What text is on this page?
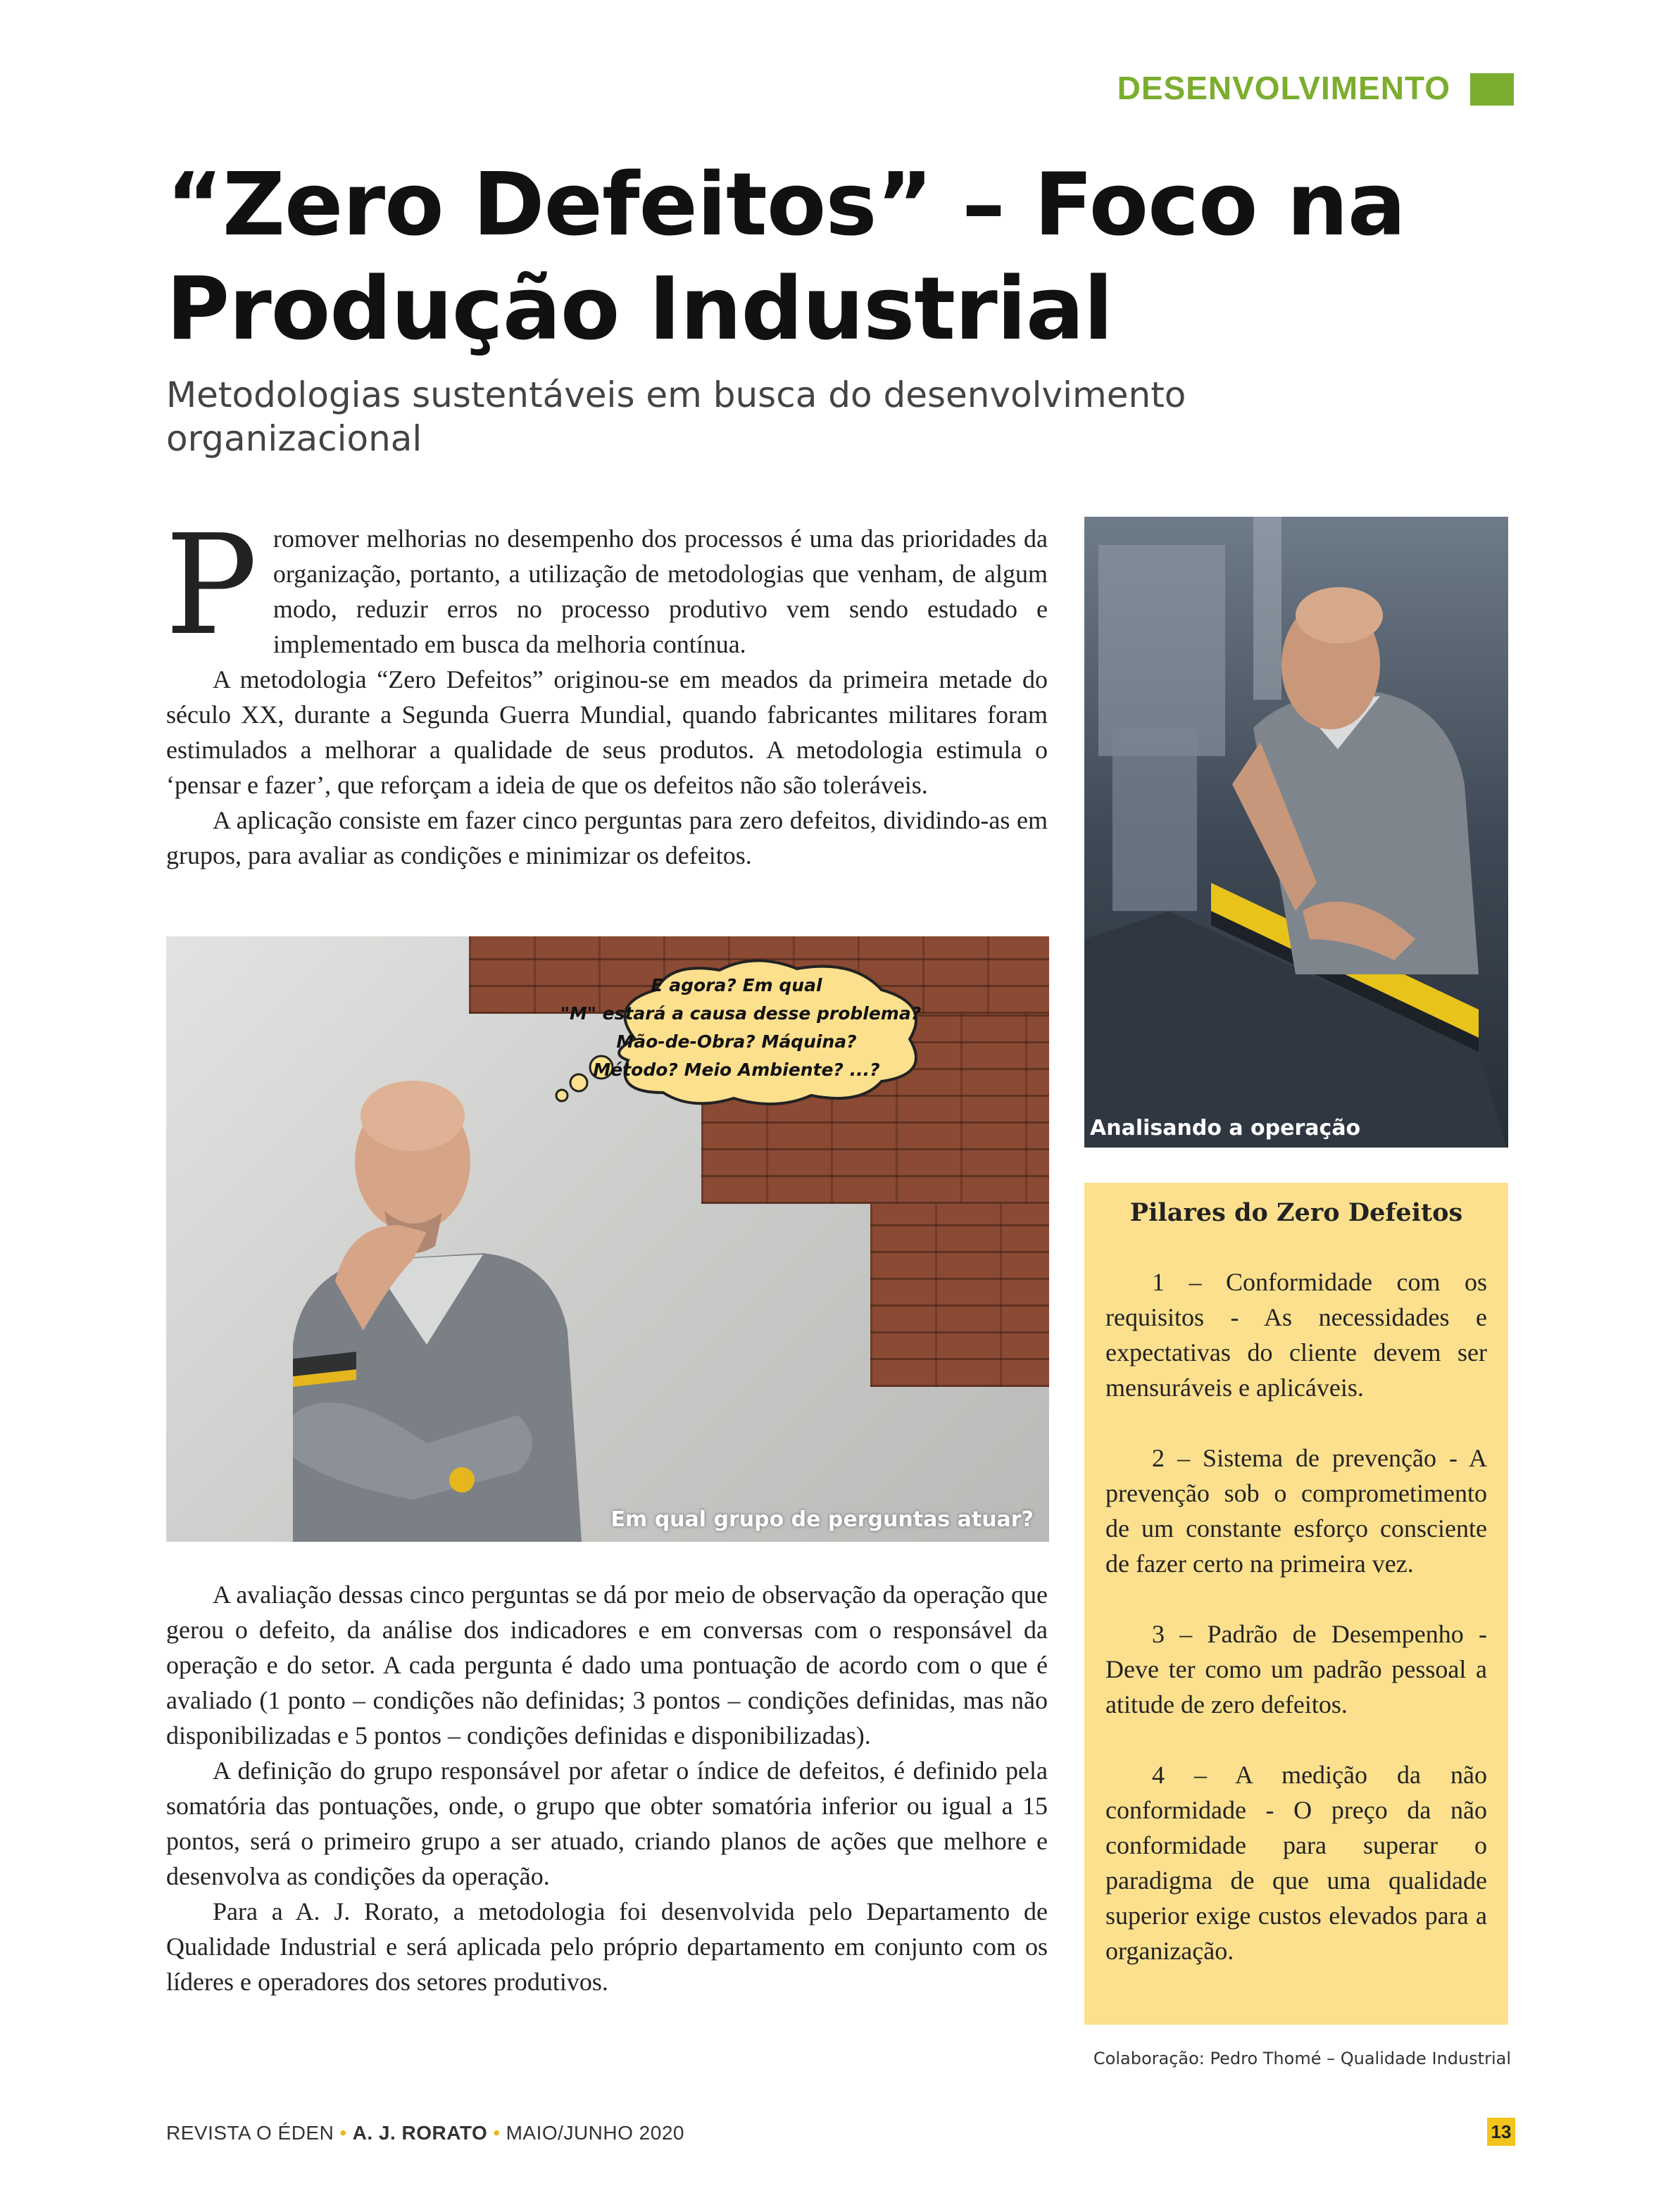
DESENVOLVIMENTO
“Zero Defeitos” – Foco na Produção Industrial
Metodologias sustentáveis em busca do desenvolvimento organizacional
P romover melhorias no desempenho dos processos é uma das prioridades da organização, portanto, a utilização de metodologias que venham, de algum modo, reduzir erros no processo produtivo vem sendo estudado e implementado em busca da melhoria contínua.

A metodologia “Zero Defeitos” originou-se em meados da primeira metade do século XX, durante a Segunda Guerra Mundial, quando fabricantes militares foram estimulados a melhorar a qualidade de seus produtos. A metodologia estimula o ‘pensar e fazer’, que reforçam a ideia de que os defeitos não são toleráveis.

A aplicação consiste em fazer cinco perguntas para zero defeitos, dividindo-as em grupos, para avaliar as condições e minimizar os defeitos.

E agora? Em qual
"M" estará a causa desse problema?
Mão-de-Obra? Máquina?
Método? Meio Ambiente? ...?
Em qual grupo de perguntas atuar?
Analisando a operação

A avaliação dessas cinco perguntas se dá por meio de observação da operação que gerou o defeito, da análise dos indicadores e em conversas com o responsável da operação e do setor. A cada pergunta é dado uma pontuação de acordo com o que é avaliado (1 ponto – condições não definidas; 3 pontos – condições definidas, mas não disponibilizadas e 5 pontos – condições definidas e disponibilizadas).

A definição do grupo responsável por afetar o índice de defeitos, é definido pela somatória das pontuações, onde, o grupo que obter somatória inferior ou igual a 15 pontos, será o primeiro grupo a ser atuado, criando planos de ações que melhore e desenvolva as condições da operação.

Para a A. J. Rorato, a metodologia foi desenvolvida pelo Departamento de Qualidade Industrial e será aplicada pelo próprio departamento em conjunto com os líderes e operadores dos setores produtivos.

Pilares do Zero Defeitos

1 – Conformidade com os requisitos - As necessidades e expectativas do cliente devem ser mensuráveis e aplicáveis.

2 – Sistema de prevenção - A prevenção sob o comprometimento de um constante esforço consciente de fazer certo na primeira vez.

3 – Padrão de Desempenho - Deve ter como um padrão pessoal a atitude de zero defeitos.

4 – A medição da não conformidade - O preço da não conformidade para superar o paradigma de que uma qualidade superior exige custos elevados para a organização.

Colaboração: Pedro Thomé – Qualidade Industrial
REVISTA O ÉDEN • A. J. RORATO • MAIO/JUNHO 2020	13
